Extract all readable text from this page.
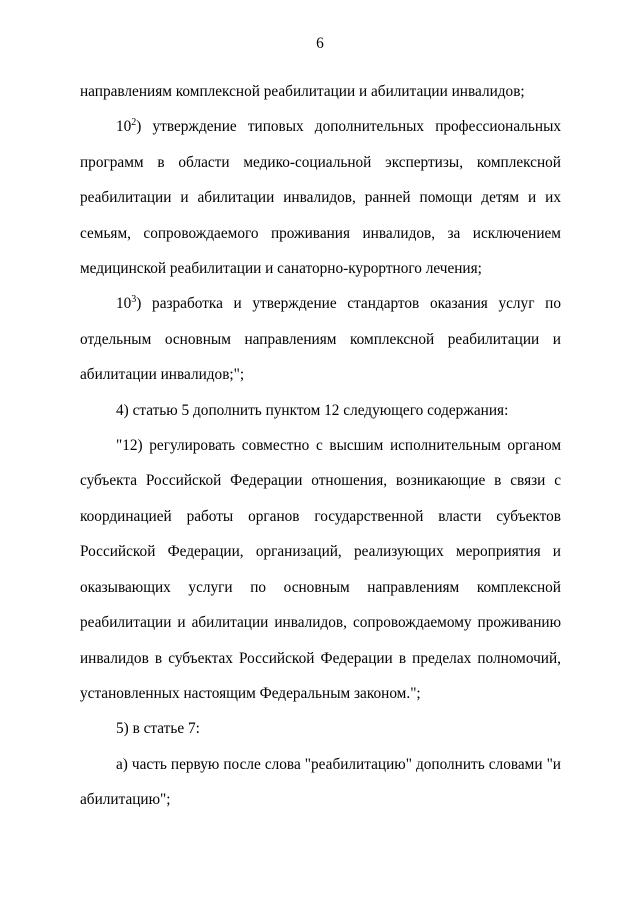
6

направлениям комплексной реабилитации и абилитации инвалидов;

$10^2$) утверждение типовых дополнительных профессиональных программ в области медико-социальной экспертизы, комплексной реабилитации и абилитации инвалидов, ранней помощи детям и их семьям, сопровождаемого проживания инвалидов, за исключением медицинской реабилитации и санаторно-курортного лечения;

$10^3$) разработка и утверждение стандартов оказания услуг по отдельным основным направлениям комплексной реабилитации и абилитации инвалидов;";

4) статью 5 дополнить пунктом 12 следующего содержания:

"12) регулировать совместно с высшим исполнительным органом субъекта Российской Федерации отношения, возникающие в связи с координацией работы органов государственной власти субъектов Российской Федерации, организаций, реализующих мероприятия и оказывающих услуги по основным направлениям комплексной реабилитации и абилитации инвалидов, сопровождаемому проживанию инвалидов в субъектах Российской Федерации в пределах полномочий, установленных настоящим Федеральным законом.";

5) в статье 7:

а) часть первую после слова "реабилитацию" дополнить словами "и абилитацию";
